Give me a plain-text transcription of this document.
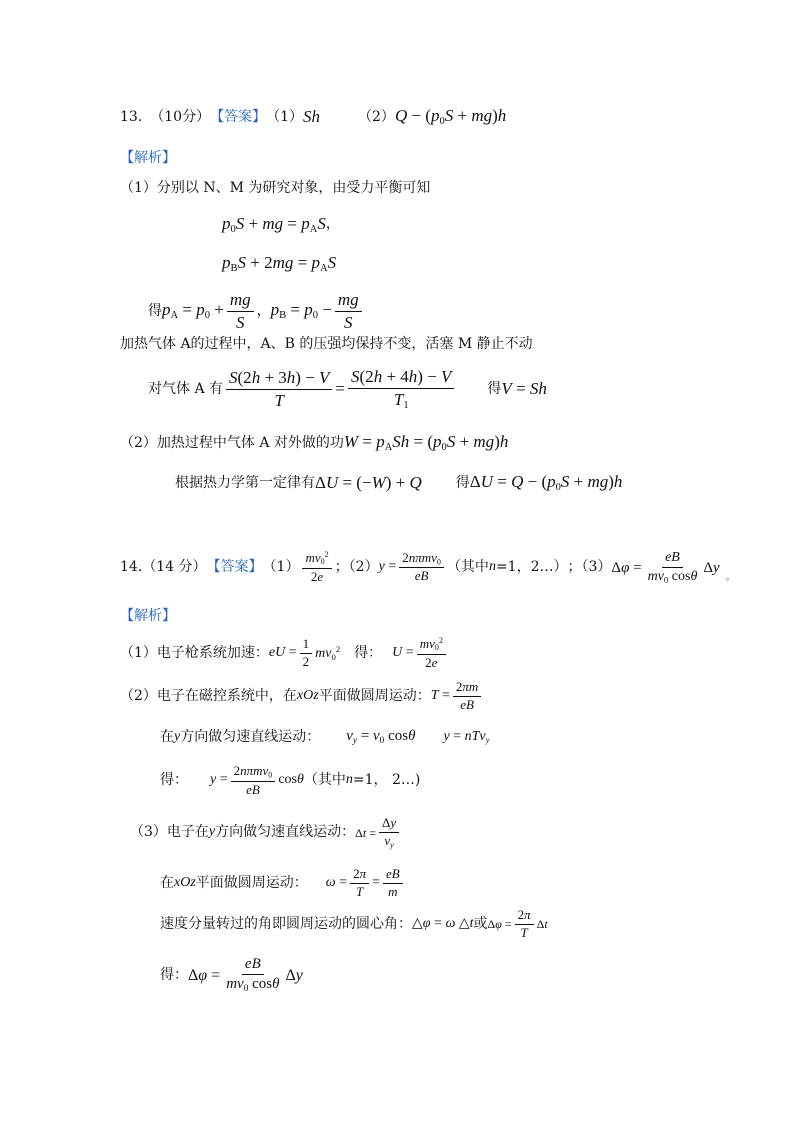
13. （10分） 【答案】 （1） Sh	（2） $Q - (p_0S + mg)h$
【解析】
（1）分别以 N、M 为研究对象，由受力平衡可知
$p_0S$ + mg = $p_AS$ ，
$p_BS + 2mg = p_AS$
得 $p_A = p_0 + \frac{mg}{S}$ ， $p_B = p_0 - \frac{mg}{S}$
加热气体 A的过程中，A、B 的压强均保持不变，活塞 M 静止不动
对气体 A 有 $\frac{S(2h + 3h) - V}{T} = \frac{S(2h + 4h) - V}{T_1}$ 得 V = Sh
（2）加热过程中气体 A 对外做的功 $W = p_ASh = (p_0S + mg)h$
根据热力学第一定律有 ΔU = (−W) + Q 得 $\Delta U = Q - (p_0S + mg)h$
14. （14 分） 【答案】 $(1) \frac{mv_0^2}{2e}$ ；（2） $y = \frac{2n\pi mv_0}{eB}$ （其中 n =1，2…） ；（3） $\Delta\varphi = \frac{eB}{mv_0 \cos\theta}$ Δy
。
【解析】
（1）电子枪系统加速： eU = $\frac{1}{2} mv_0^2$ 得： $U = \frac{mv_0^2}{2e}$
（2）电子在磁控系统中，在 xOz 平面做圆周运动： $T = \frac{2\pi m}{eB}$
在 y 方向做匀速直线运动： $v_y = v_0$ cosθ y = nTv$_y$
得： $y = \frac{2n\pi mv_0}{eB}$ cosθ （其中 n =1， 2…)
（3）电子在 y 方向做匀速直线运动： $\Delta t = \frac{\Delta y}{v_y}$
在 xOz 平面做圆周运动： $\omega = \frac{2\pi}{T} = \frac{eB}{m}$
速度分量转过的角即圆周运动的圆心角： △φ = ω △t 或 $\Delta\varphi = \frac{2\pi}{T}$ Δt
得： $\Delta\varphi = \frac{eB}{mv_0 \cos\theta}$ Δy
